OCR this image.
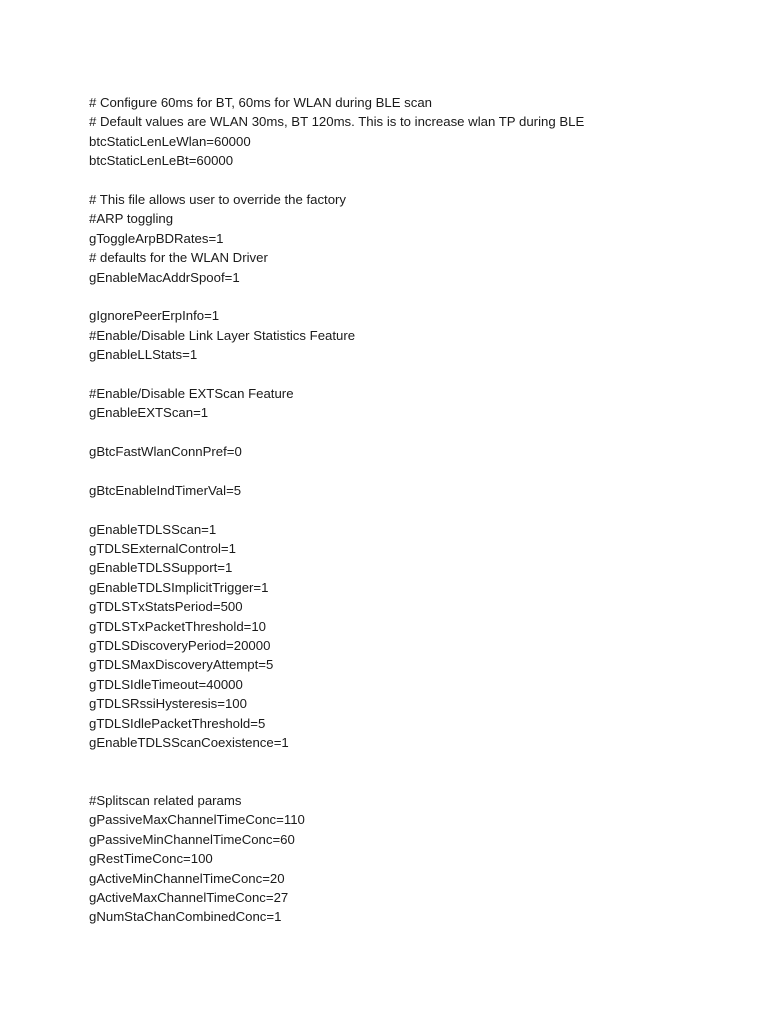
# Configure 60ms for BT, 60ms for WLAN during BLE scan
# Default values are WLAN 30ms, BT 120ms. This is to increase wlan TP during BLE
btcStaticLenLeWlan=60000
btcStaticLenLeBt=60000
# This file allows user to override the factory
#ARP toggling
gToggleArpBDRates=1
# defaults for the WLAN Driver
gEnableMacAddrSpoof=1
gIgnorePeerErpInfo=1
#Enable/Disable Link Layer Statistics Feature
gEnableLLStats=1
#Enable/Disable EXTScan Feature
gEnableEXTScan=1
gBtcFastWlanConnPref=0
gBtcEnableIndTimerVal=5
gEnableTDLSScan=1
gTDLSExternalControl=1
gEnableTDLSSupport=1
gEnableTDLSImplicitTrigger=1
gTDLSTxStatsPeriod=500
gTDLSTxPacketThreshold=10
gTDLSDiscoveryPeriod=20000
gTDLSMaxDiscoveryAttempt=5
gTDLSIdleTimeout=40000
gTDLSRssiHysteresis=100
gTDLSIdlePacketThreshold=5
gEnableTDLSScanCoexistence=1
#Splitscan related params
gPassiveMaxChannelTimeConc=110
gPassiveMinChannelTimeConc=60
gRestTimeConc=100
gActiveMinChannelTimeConc=20
gActiveMaxChannelTimeConc=27
gNumStaChanCombinedConc=1
